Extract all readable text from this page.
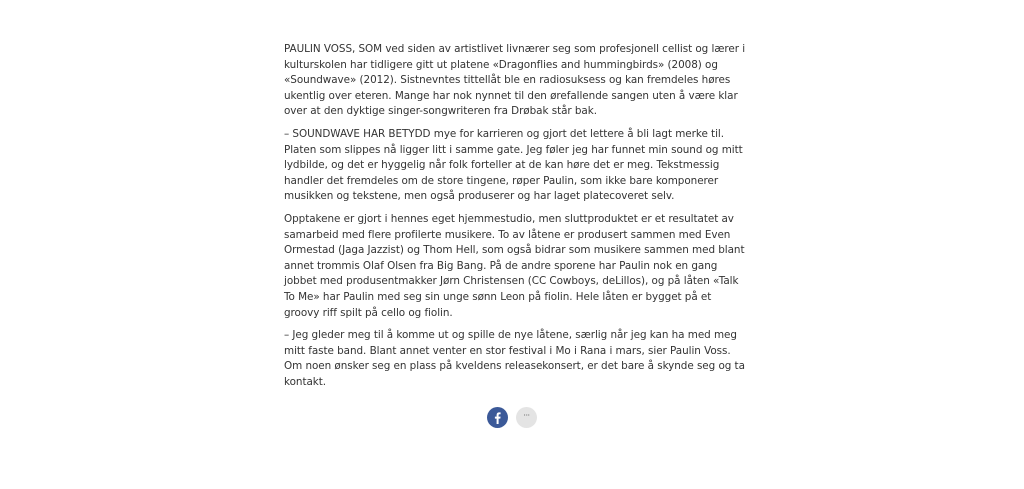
PAULIN VOSS, SOM ved siden av artistlivet livnærer seg som profesjonell cellist og lærer i kulturskolen har tidligere gitt ut platene «Dragonflies and hummingbirds» (2008) og «Soundwave» (2012). Sistnevntes tittellåt ble en radiosuksess og kan fremdeles høres ukentlig over eteren. Mange har nok nynnet til den ørefallende sangen uten å være klar over at den dyktige singer-songwriteren fra Drøbak står bak.

– SOUNDWAVE HAR BETYDD mye for karrieren og gjort det lettere å bli lagt merke til. Platen som slippes nå ligger litt i samme gate. Jeg føler jeg har funnet min sound og mitt lydbilde, og det er hyggelig når folk forteller at de kan høre det er meg. Tekstmessig handler det fremdeles om de store tingene, røper Paulin, som ikke bare komponerer musikken og tekstene, men også produserer og har laget platecoveret selv.

Opptakene er gjort i hennes eget hjemmestudio, men sluttproduktet er et resultatet av samarbeid med flere profilerte musikere. To av låtene er produsert sammen med Even Ormestad (Jaga Jazzist) og Thom Hell, som også bidrar som musikere sammen med blant annet trommis Olaf Olsen fra Big Bang. På de andre sporene har Paulin nok en gang jobbet med produsentmakker Jørn Christensen (CC Cowboys, deLillos), og på låten «Talk To Me» har Paulin med seg sin unge sønn Leon på fiolin. Hele låten er bygget på et groovy riff spilt på cello og fiolin.

– Jeg gleder meg til å komme ut og spille de nye låtene, særlig når jeg kan ha med meg mitt faste band. Blant annet venter en stor festival i Mo i Rana i mars, sier Paulin Voss. Om noen ønsker seg en plass på kveldens releasekonsert, er det bare å skynde seg og ta kontakt.

···
